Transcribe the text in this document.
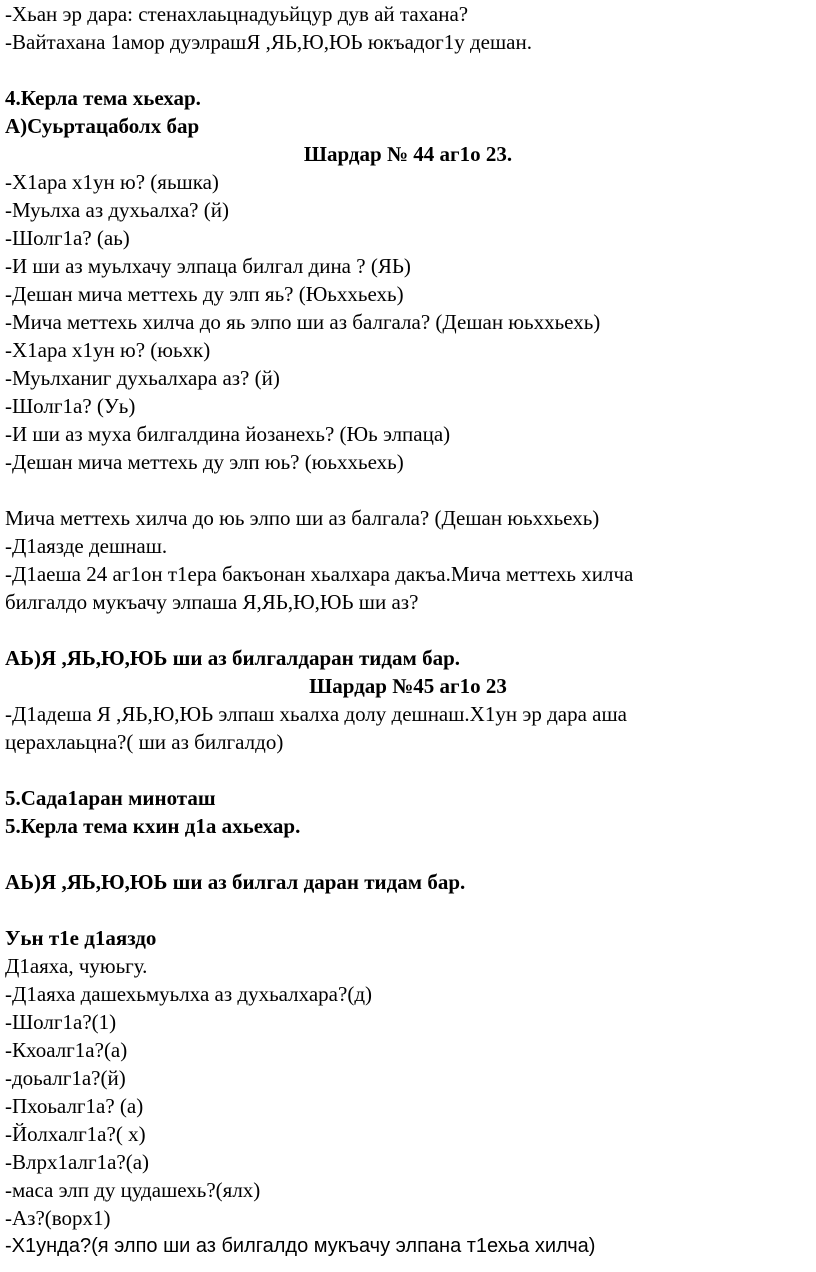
-Хьан эр дара: стенахлаьцнадуьйцур дув ай тахана?
-Вайтахана 1амор дуэлрашЯ ,ЯЬ,Ю,ЮЬ юкъадог1у дешан.
4.Керла тема хьехар.
А)Суьртацаболх бар
Шардар № 44 аг1о 23.
-Х1ара х1ун ю? (яьшка)
-Муьлха аз духьалха? (й)
-Шолг1а? (аь)
-И ши аз муьлхачу элпаца билгал дина ? (ЯЬ)
-Дешан мича меттехь ду элп яь? (Юьххьехь)
-Мича меттехь хилча до яь элпо ши аз балгала? (Дешан юьххьехь)
-Х1ара х1ун ю? (юьхк)
-Муьлханиг духьалхара аз? (й)
-Шолг1а? (Уь)
-И ши аз муха билгалдина йозанехь? (Юь элпаца)
-Дешан мича меттехь ду элп юь? (юьххьехь)
Мича меттехь хилча до юь элпо ши аз балгала? (Дешан юьххьехь)
-Д1аязде дешнаш.
-Д1аеша 24 аг1он т1ера бакъонан хьалхара дакъа.Мича меттехь хилча
билгалдо мукъачу элпаша Я,ЯЬ,Ю,ЮЬ ши аз?
АЬ)Я ,ЯЬ,Ю,ЮЬ ши аз билгалдаран тидам бар.
Шардар №45 аг1о 23
-Д1адеша Я ,ЯЬ,Ю,ЮЬ элпаш хьалха долу дешнаш.Х1ун эр дара аша
церахлаьцна?( ши аз билгалдо)
5.Сада1аран миноташ
5.Керла тема кхин д1а ахьехар.
АЬ)Я ,ЯЬ,Ю,ЮЬ ши аз билгал даран тидам бар.
Уьн т1е д1аяздо
Д1аяха, чуюьгу.
-Д1аяха дашехьмуьлха аз духьалхара?(д)
-Шолг1а?(1)
-Кхоалг1а?(а)
-доьалг1а?(й)
-Пхоьалг1а? (а)
-Йолхалг1а?( х)
-Влрх1алг1а?(а)
-маса элп ду цудашехь?(ялх)
-Аз?(ворх1)
-Х1унда?(я элпо ши аз билгалдо мукъачу элпана т1ехьа хилча)
